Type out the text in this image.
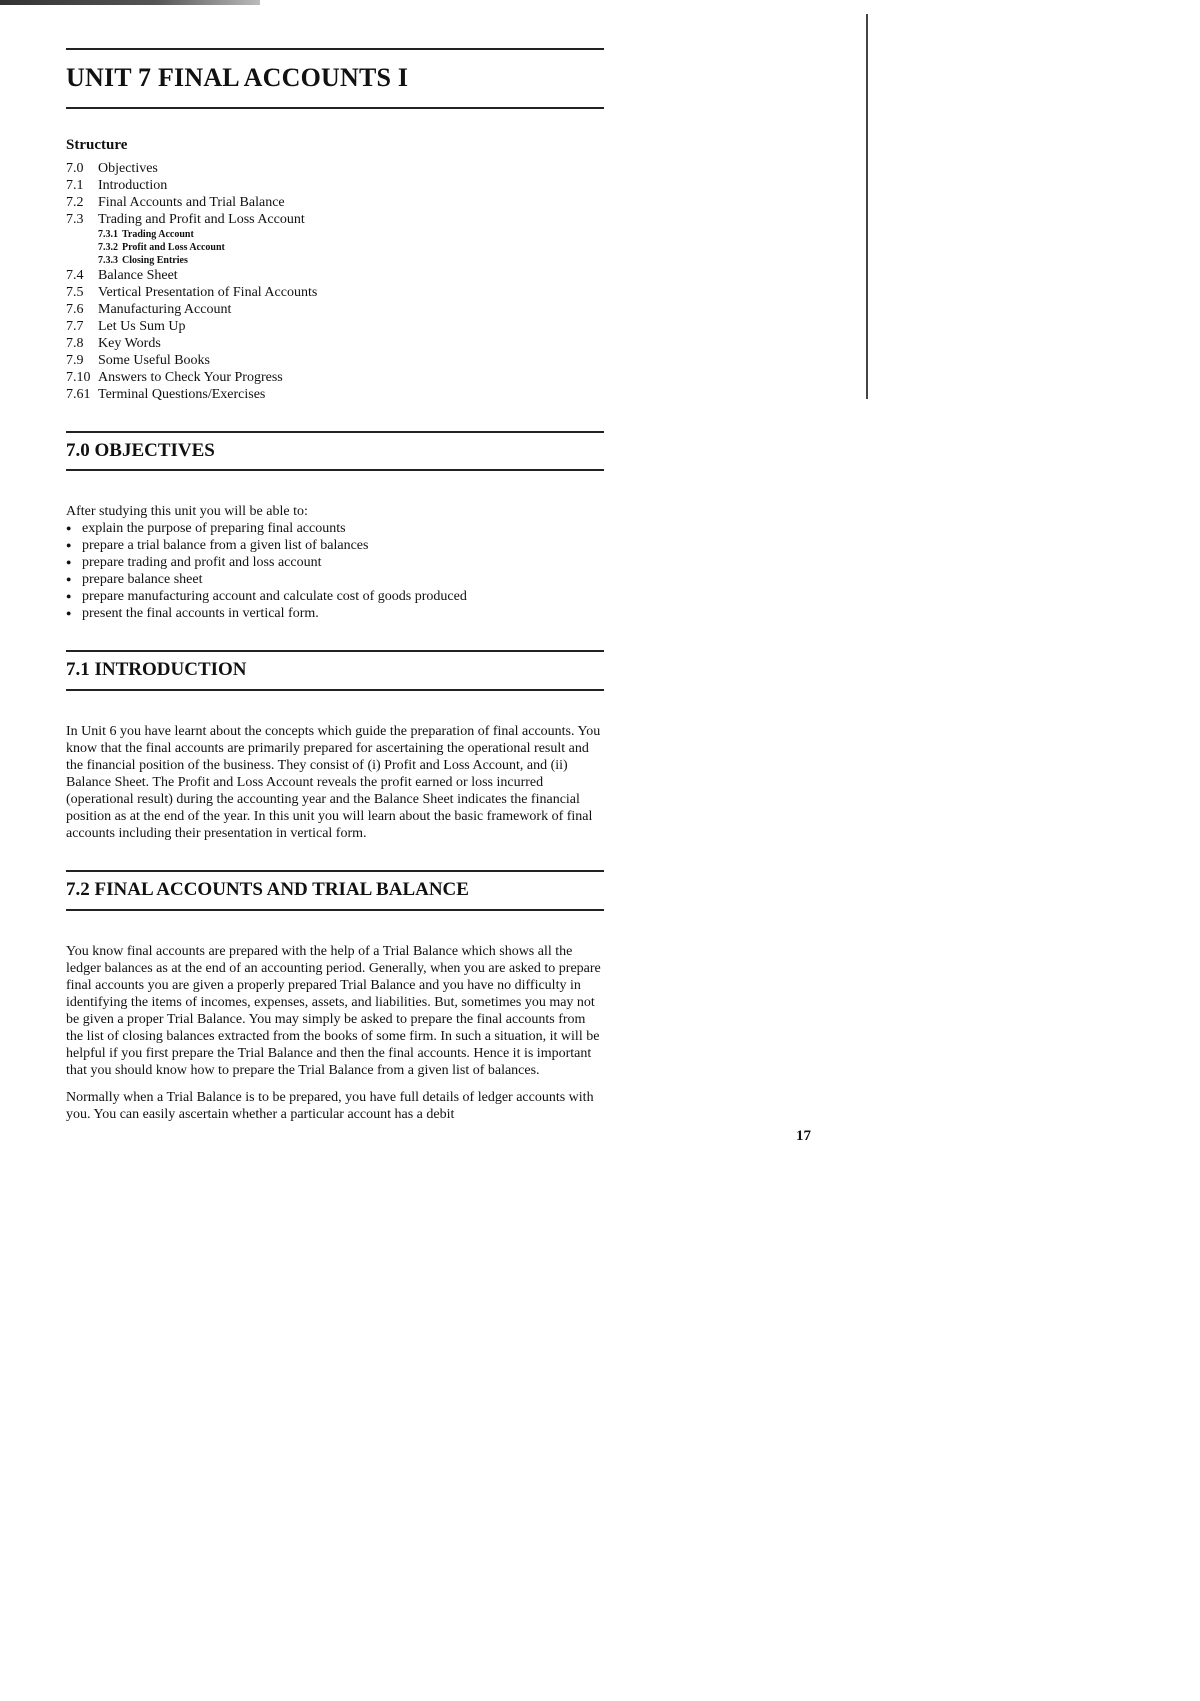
UNIT 7 FINAL ACCOUNTS I
Structure
7.0	Objectives
7.1	Introduction
7.2	Final Accounts and Trial Balance
7.3	Trading and Profit and Loss Account
7.3.1 Trading Account
7.3.2 Profit and Loss Account
7.3.3 Closing Entries
7.4	Balance Sheet
7.5	Vertical Presentation of Final Accounts
7.6	Manufacturing Account
7.7	Let Us Sum Up
7.8	Key Words
7.9	Some Useful Books
7.10 Answers to Check Your Progress
7.61 Terminal Questions/Exercises
7.0 OBJECTIVES

After studying this unit you will be able to:

● explain the purpose of preparing final accounts
● prepare a trial balance from a given list of balances
● prepare trading and profit and loss account
● prepare balance sheet
● prepare manufacturing account and calculate cost of goods produced
● present the final accounts in vertical form.
7.1 INTRODUCTION

In Unit 6 you have learnt about the concepts which guide the preparation of final accounts. You know that the final accounts are primarily prepared for ascertaining the operational result and the financial position of the business. They consist of (i) Profit and Loss Account, and (ii) Balance Sheet. The Profit and Loss Account reveals the profit earned or loss incurred (operational result) during the accounting year and the Balance Sheet indicates the financial position as at the end of the year. In this unit you will learn about the basic framework of final accounts including their presentation in vertical form.

7.2 FINAL ACCOUNTS AND TRIAL BALANCE

You know final accounts are prepared with the help of a Trial Balance which shows all the ledger balances as at the end of an accounting period. Generally, when you are asked to prepare final accounts you are given a properly prepared Trial Balance and you have no difficulty in identifying the items of incomes, expenses, assets, and liabilities. But, sometimes you may not be given a proper Trial Balance. You may simply be asked to prepare the final accounts from the list of closing balances extracted from the books of some firm. In such a situation, it will be helpful if you first prepare the Trial Balance and then the final accounts. Hence it is important that you should know how to prepare the Trial Balance from a given list of balances.

Normally when a Trial Balance is to be prepared, you have full details of ledger accounts with you. You can easily ascertain whether a particular account has a debit

17
